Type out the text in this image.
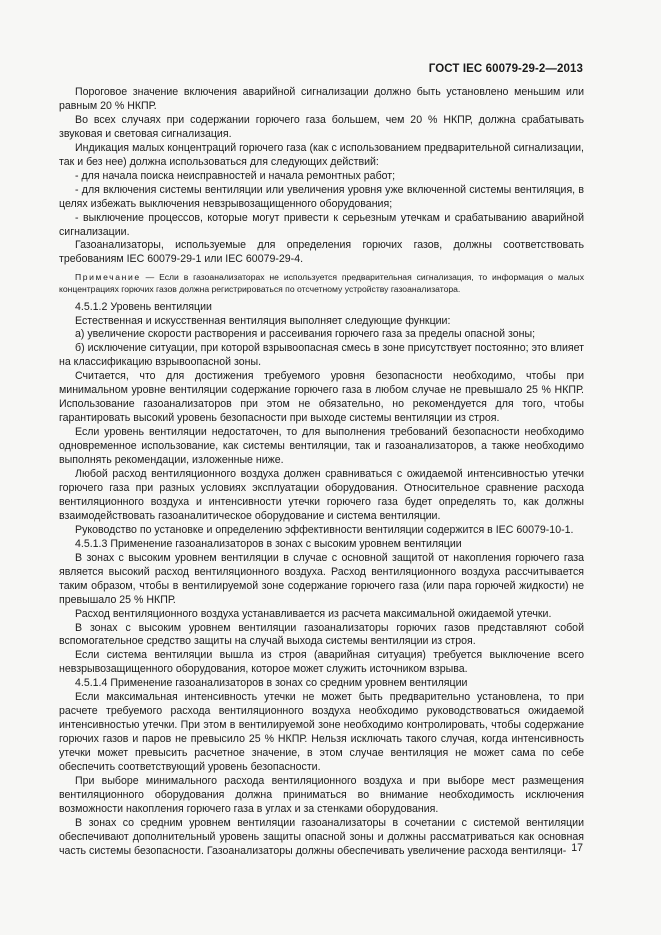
ГОСТ IEC 60079-29-2—2013

Пороговое значение включения аварийной сигнализации должно быть установлено меньшим или равным 20 % НКПР.

Во всех случаях при содержании горючего газа большем, чем 20 % НКПР, должна срабатывать звуковая и световая сигнализация.

Индикация малых концентраций горючего газа (как с использованием предварительной сигнализации, так и без нее) должна использоваться для следующих действий:

- для начала поиска неисправностей и начала ремонтных работ;

- для включения системы вентиляции или увеличения уровня уже включенной системы вентиляция, в целях избежать выключения невзрывозащищенного оборудования;

- выключение процессов, которые могут привести к серьезным утечкам и срабатыванию аварийной сигнализации.

Газоанализаторы, используемые для определения горючих газов, должны соответствовать требованиям IEC 60079-29-1 или IEC 60079-29-4.

Примечание — Если в газоанализаторах не используется предварительная сигнализация, то информация о малых концентрациях горючих газов должна регистрироваться по отсчетному устройству газоанализатора.

4.5.1.2 Уровень вентиляции

Естественная и искусственная вентиляция выполняет следующие функции:

а) увеличение скорости растворения и рассеивания горючего газа за пределы опасной зоны;

б) исключение ситуации, при которой взрывоопасная смесь в зоне присутствует постоянно; это влияет на классификацию взрывоопасной зоны.

Считается, что для достижения требуемого уровня безопасности необходимо, чтобы при минимальном уровне вентиляции содержание горючего газа в любом случае не превышало 25 % НКПР. Использование газоанализаторов при этом не обязательно, но рекомендуется для того, чтобы гарантировать высокий уровень безопасности при выходе системы вентиляции из строя.

Если уровень вентиляции недостаточен, то для выполнения требований безопасности необходимо одновременное использование, как системы вентиляции, так и газоанализаторов, а также необходимо выполнять рекомендации, изложенные ниже.

Любой расход вентиляционного воздуха должен сравниваться с ожидаемой интенсивностью утечки горючего газа при разных условиях эксплуатации оборудования. Относительное сравнение расхода вентиляционного воздуха и интенсивности утечки горючего газа будет определять то, как должны взаимодействовать газоаналитическое оборудование и система вентиляции.

Руководство по установке и определению эффективности вентиляции содержится в IEC 60079-10-1.

4.5.1.3 Применение газоанализаторов в зонах с высоким уровнем вентиляции

В зонах с высоким уровнем вентиляции в случае с основной защитой от накопления горючего газа является высокий расход вентиляционного воздуха. Расход вентиляционного воздуха рассчитывается таким образом, чтобы в вентилируемой зоне содержание горючего газа (или пара горючей жидкости) не превышало 25 % НКПР.

Расход вентиляционного воздуха устанавливается из расчета максимальной ожидаемой утечки.

В зонах с высоким уровнем вентиляции газоанализаторы горючих газов представляют собой вспомогательное средство защиты на случай выхода системы вентиляции из строя.

Если система вентиляции вышла из строя (аварийная ситуация) требуется выключение всего невзрывозащищенного оборудования, которое может служить источником взрыва.

4.5.1.4 Применение газоанализаторов в зонах со средним уровнем вентиляции

Если максимальная интенсивность утечки не может быть предварительно установлена, то при расчете требуемого расхода вентиляционного воздуха необходимо руководствоваться ожидаемой интенсивностью утечки. При этом в вентилируемой зоне необходимо контролировать, чтобы содержание горючих газов и паров не превысило 25 % НКПР. Нельзя исключать такого случая, когда интенсивность утечки может превысить расчетное значение, в этом случае вентиляция не может сама по себе обеспечить соответствующий уровень безопасности.

При выборе минимального расхода вентиляционного воздуха и при выборе мест размещения вентиляционного оборудования должна приниматься во внимание необходимость исключения возможности накопления горючего газа в углах и за стенками оборудования.

В зонах со средним уровнем вентиляции газоанализаторы в сочетании с системой вентиляции обеспечивают дополнительный уровень защиты опасной зоны и должны рассматриваться как основная часть системы безопасности. Газоанализаторы должны обеспечивать увеличение расхода вентиляци- 17
